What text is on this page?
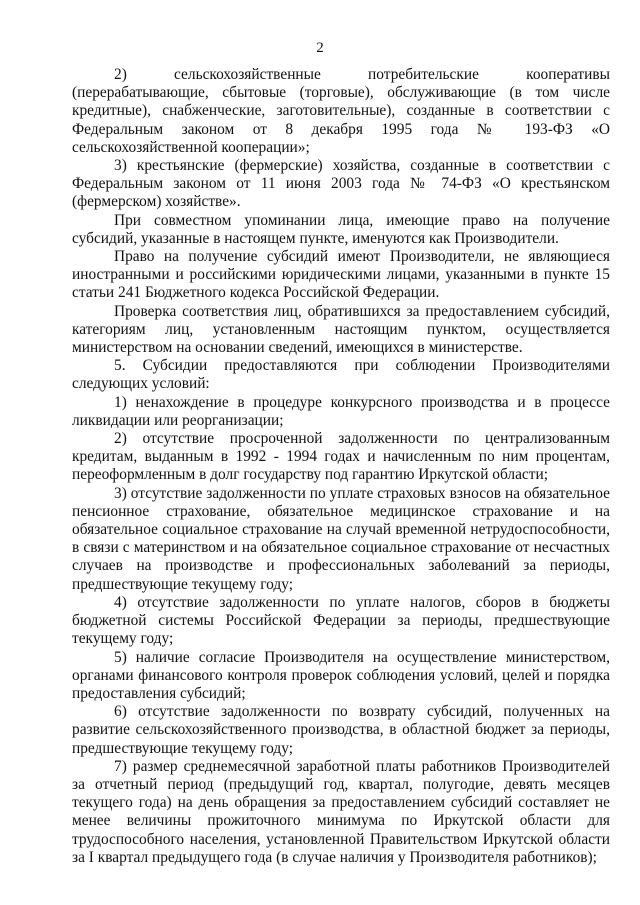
2

2) сельскохозяйственные потребительские кооперативы (перерабатывающие, сбытовые (торговые), обслуживающие (в том числе кредитные), снабженческие, заготовительные), созданные в соответствии с Федеральным законом от 8 декабря 1995 года № 193-ФЗ «О сельскохозяйственной кооперации»;

3) крестьянские (фермерские) хозяйства, созданные в соответствии с Федеральным законом от 11 июня 2003 года № 74-ФЗ «О крестьянском (фермерском) хозяйстве».

При совместном упоминании лица, имеющие право на получение субсидий, указанные в настоящем пункте, именуются как Производители.

Право на получение субсидий имеют Производители, не являющиеся иностранными и российскими юридическими лицами, указанными в пункте 15 статьи 241 Бюджетного кодекса Российской Федерации.

Проверка соответствия лиц, обратившихся за предоставлением субсидий, категориям лиц, установленным настоящим пунктом, осуществляется министерством на основании сведений, имеющихся в министерстве.

5. Субсидии предоставляются при соблюдении Производителями следующих условий:

1) ненахождение в процедуре конкурсного производства и в процессе ликвидации или реорганизации;

2) отсутствие просроченной задолженности по централизованным кредитам, выданным в 1992 - 1994 годах и начисленным по ним процентам, переоформленным в долг государству под гарантию Иркутской области;

3) отсутствие задолженности по уплате страховых взносов на обязательное пенсионное страхование, обязательное медицинское страхование и на обязательное социальное страхование на случай временной нетрудоспособности, в связи с материнством и на обязательное социальное страхование от несчастных случаев на производстве и профессиональных заболеваний за периоды, предшествующие текущему году;

4) отсутствие задолженности по уплате налогов, сборов в бюджеты бюджетной системы Российской Федерации за периоды, предшествующие текущему году;

5) наличие согласие Производителя на осуществление министерством, органами финансового контроля проверок соблюдения условий, целей и порядка предоставления субсидий;

6) отсутствие задолженности по возврату субсидий, полученных на развитие сельскохозяйственного производства, в областной бюджет за периоды, предшествующие текущему году;

7) размер среднемесячной заработной платы работников Производителей за отчетный период (предыдущий год, квартал, полугодие, девять месяцев текущего года) на день обращения за предоставлением субсидий составляет не менее величины прожиточного минимума по Иркутской области для трудоспособного населения, установленной Правительством Иркутской области за I квартал предыдущего года (в случае наличия у Производителя работников);
